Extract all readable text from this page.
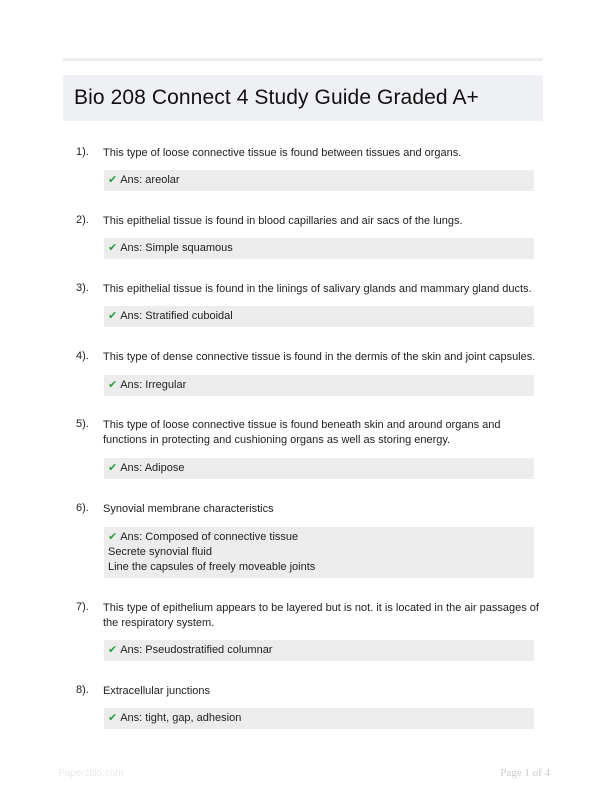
Bio 208 Connect 4 Study Guide Graded A+
1). This type of loose connective tissue is found between tissues and organs.
✔ Ans: areolar
2). This epithelial tissue is found in blood capillaries and air sacs of the lungs.
✔ Ans: Simple squamous
3). This epithelial tissue is found in the linings of salivary glands and mammary gland ducts.
✔ Ans: Stratified cuboidal
4). This type of dense connective tissue is found in the dermis of the skin and joint capsules.
✔ Ans: Irregular
5). This type of loose connective tissue is found beneath skin and around organs and functions in protecting and cushioning organs as well as storing energy.
✔ Ans: Adipose
6). Synovial membrane characteristics
✔ Ans: Composed of connective tissue
Secrete synovial fluid
Line the capsules of freely moveable joints
7). This type of epithelium appears to be layered but is not. it is located in the air passages of the respiratory system.
✔ Ans: Pseudostratified columnar
8). Extracellular junctions
✔ Ans: tight, gap, adhesion
Paperzillo.com	Page 1 of 4
